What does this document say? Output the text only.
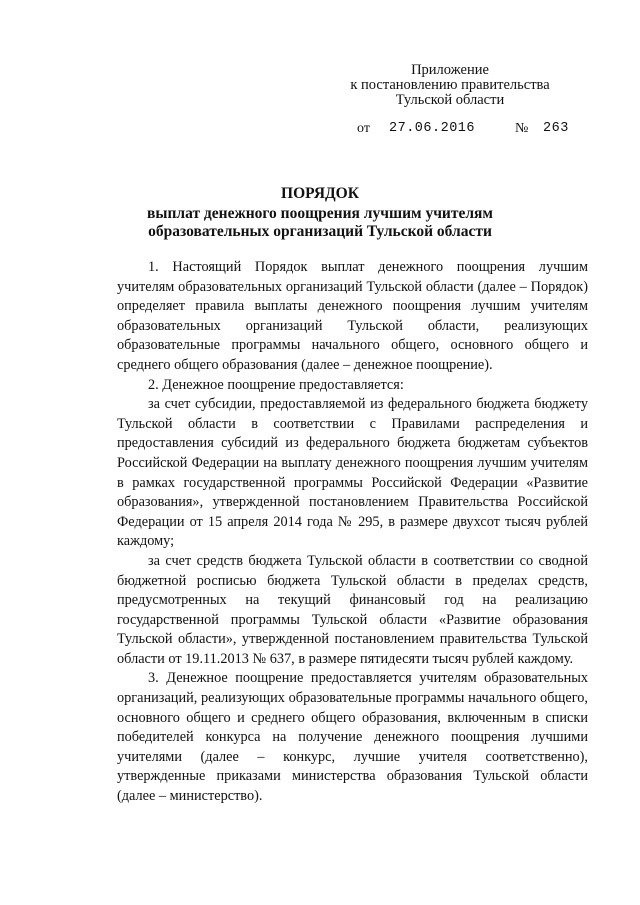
Приложение
к постановлению правительства
Тульской области
от 27.06.2016	№ 263
ПОРЯДОК
выплат денежного поощрения лучшим учителям
образовательных организаций Тульской области

1. Настоящий Порядок выплат денежного поощрения лучшим учителям образовательных организаций Тульской области (далее – Порядок) определяет правила выплаты денежного поощрения лучшим учителям образовательных организаций Тульской области, реализующих образовательные программы начального общего, основного общего и среднего общего образования (далее – денежное поощрение).

2. Денежное поощрение предоставляется:

за счет субсидии, предоставляемой из федерального бюджета бюджету Тульской области в соответствии с Правилами распределения и предоставления субсидий из федерального бюджета бюджетам субъектов Российской Федерации на выплату денежного поощрения лучшим учителям в рамках государственной программы Российской Федерации «Развитие образования», утвержденной постановлением Правительства Российской Федерации от 15 апреля 2014 года № 295, в размере двухсот тысяч рублей каждому;

за счет средств бюджета Тульской области в соответствии со сводной бюджетной росписью бюджета Тульской области в пределах средств, предусмотренных на текущий финансовый год на реализацию государственной программы Тульской области «Развитие образования Тульской области», утвержденной постановлением правительства Тульской области от 19.11.2013 № 637, в размере пятидесяти тысяч рублей каждому.

3. Денежное поощрение предоставляется учителям образовательных организаций, реализующих образовательные программы начального общего, основного общего и среднего общего образования, включенным в списки победителей конкурса на получение денежного поощрения лучшими учителями (далее – конкурс, лучшие учителя соответственно), утвержденные приказами министерства образования Тульской области (далее – министерство).
